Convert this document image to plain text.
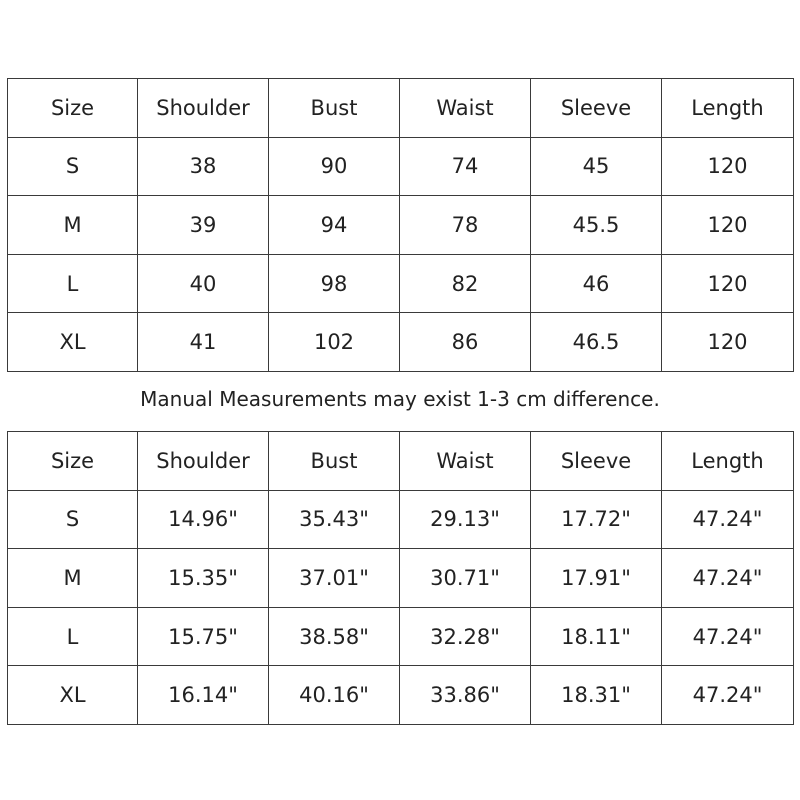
Size	Shoulder	Bust	Waist	Sleeve	Length
S	38	90	74	45	120
M	39	94	78	45.5	120
L	40	98	82	46	120
XL	41	102	86	46.5	120
Manual Measurements may exist 1-3 cm difference.
Size	Shoulder	Bust	Waist	Sleeve	Length
S	14.96"	35.43"	29.13"	17.72"	47.24"
M	15.35"	37.01"	30.71"	17.91"	47.24"
L	15.75"	38.58"	32.28"	18.11"	47.24"
XL	16.14"	40.16"	33.86"	18.31"	47.24"
